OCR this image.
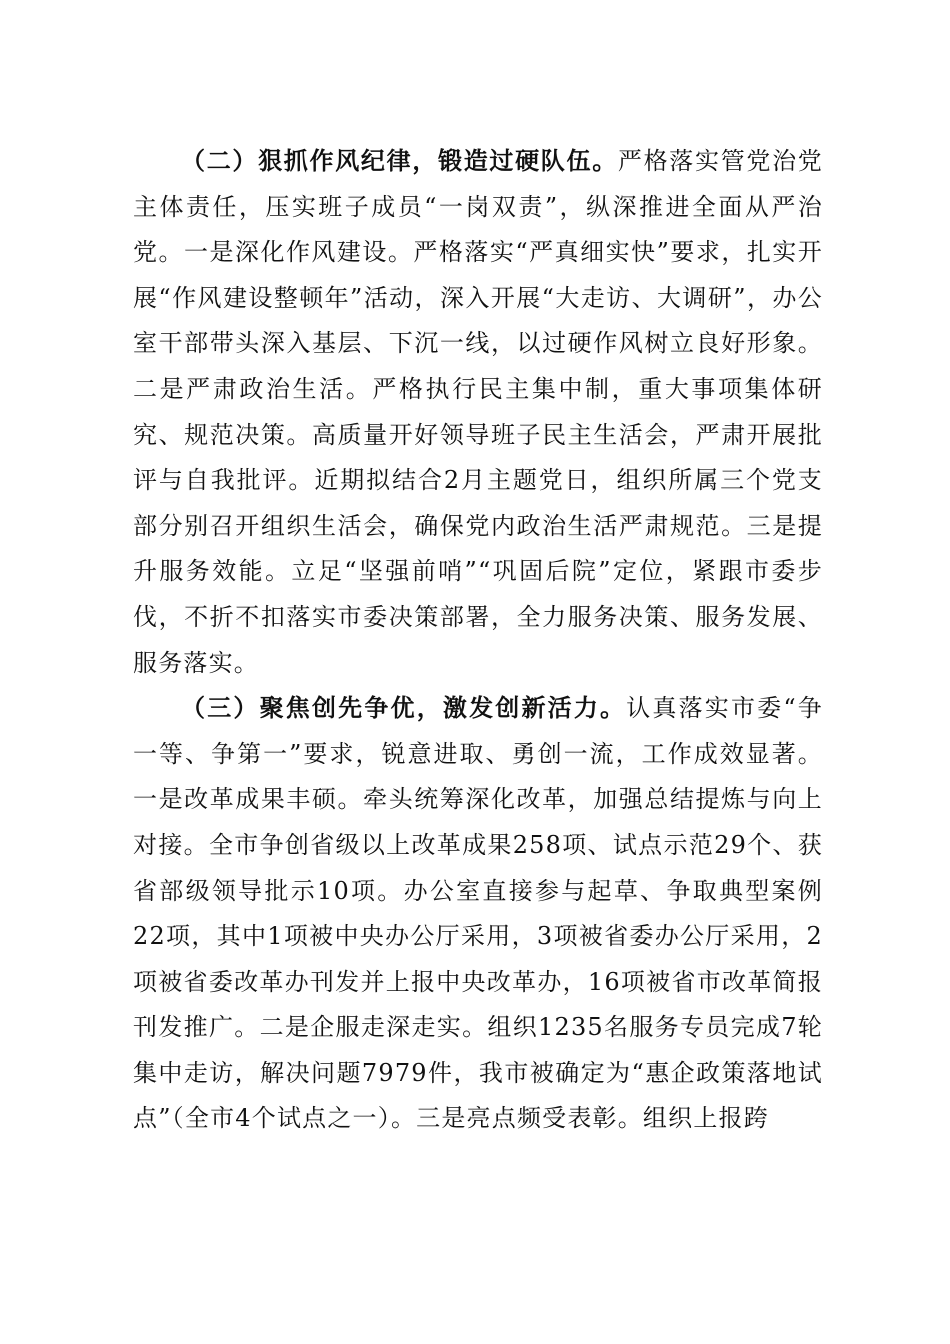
（二）狠抓作风纪律，锻造过硬队伍。严格落实管党治党主体责任，压实班子成员“一岗双责”，纵深推进全面从严治党。一是深化作风建设。严格落实“严真细实快”要求，扎实开展“作风建设整顿年”活动，深入开展“大走访、大调研”，办公室干部带头深入基层、下沉一线，以过硬作风树立良好形象。二是严肃政治生活。严格执行民主集中制，重大事项集体研究、规范决策。高质量开好领导班子民主生活会，严肃开展批评与自我批评。近期拟结合2月主题党日，组织所属三个党支部分别召开组织生活会，确保党内政治生活严肃规范。三是提升服务效能。立足“坚强前哨”“巩固后院”定位，紧跟市委步伐，不折不扣落实市委决策部署，全力服务决策、服务发展、服务落实。

（三）聚焦创先争优，激发创新活力。认真落实市委“争一等、争第一”要求，锐意进取、勇创一流，工作成效显著。一是改革成果丰硕。牵头统筹深化改革，加强总结提炼与向上对接。全市争创省级以上改革成果258项、试点示范29个、获省部级领导批示10项。办公室直接参与起草、争取典型案例22项，其中1项被中央办公厅采用，3项被省委办公厅采用，2项被省委改革办刊发并上报中央改革办，16项被省市改革简报刊发推广。二是企服走深走实。组织1235名服务专员完成7轮集中走访，解决问题7979件，我市被确定为“惠企政策落地试点”（全市4个试点之一）。三是亮点频受表彰。组织上报跨
